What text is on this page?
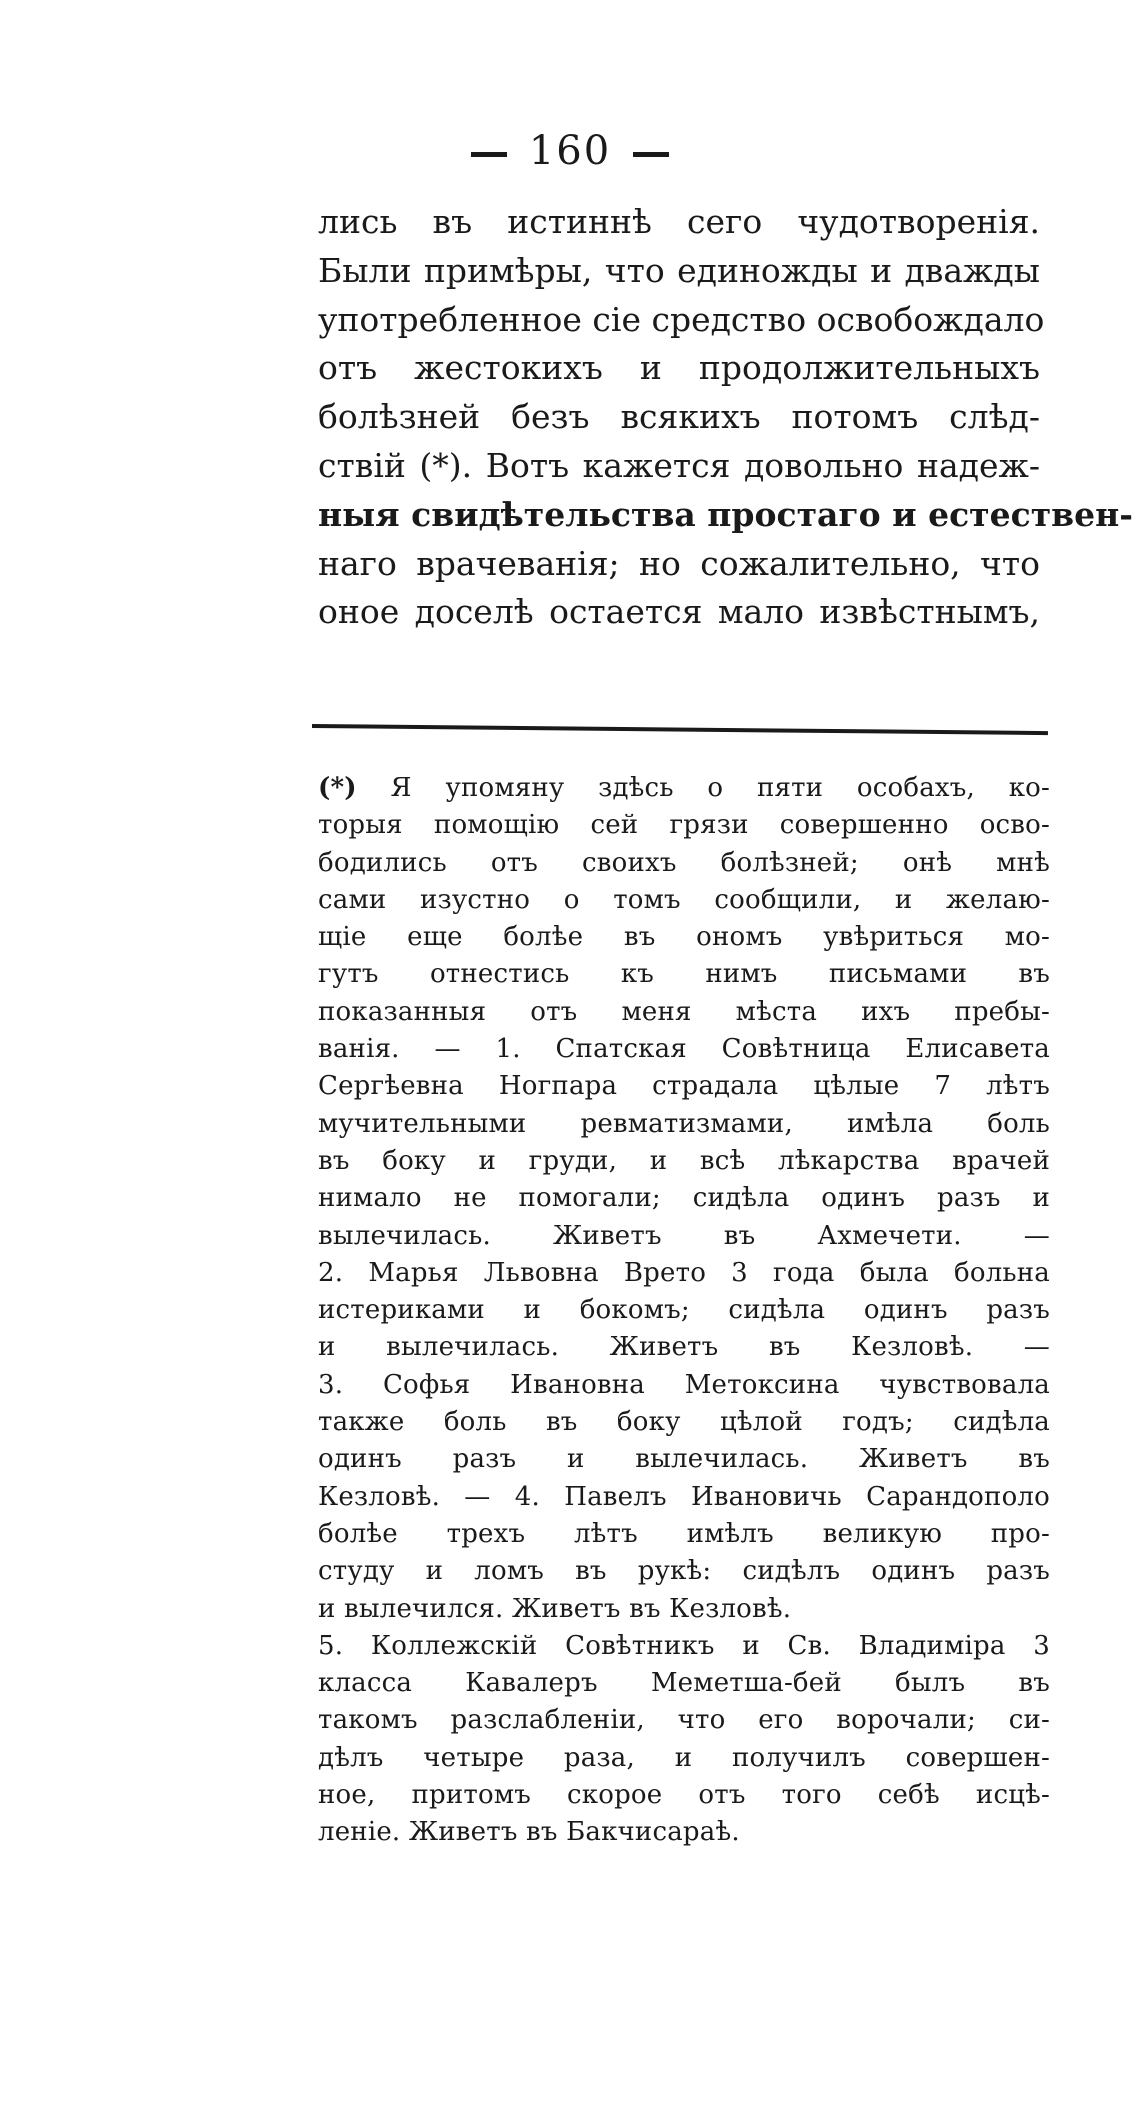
160
лись въ истиннѣ сего чудотворенія.
Были примѣры, что единожды и дважды
употребленное сіе средство освобождало
отъ жестокихъ и продолжительныхъ
болѣзней безъ всякихъ потомъ слѣд-
ствій (*). Вотъ кажется довольно надеж-
ныя свидѣтельства простаго и естествен-
наго врачеванія; но сожалительно, что
оное доселѣ остается мало извѣстнымъ,
(*) Я упомяну здѣсь о пяти особахъ, ко-
торыя помощію сей грязи совершенно осво-
бодились отъ своихъ болѣзней; онѣ мнѣ
сами изустно о томъ сообщили, и желаю-
щіе еще болѣе въ ономъ увѣриться мо-
гутъ отнестись къ нимъ письмами въ
показанныя отъ меня мѣста ихъ пребы-
ванія. — 1. Спатская Совѣтница Елисавета
Сергѣевна Ногпара страдала цѣлые 7 лѣтъ
мучительными ревматизмами, имѣла боль
въ боку и груди, и всѣ лѣкарства врачей
нимало не помогали; сидѣла одинъ разъ и
вылечилась. Живетъ въ Ахмечети. —
2. Марья Львовна Врето 3 года была больна
истериками и бокомъ; сидѣла одинъ разъ
и вылечилась. Живетъ въ Кезловѣ. —
3. Софья Ивановна Метоксина чувствовала
также боль въ боку цѣлой годъ; сидѣла
одинъ разъ и вылечилась. Живетъ въ
Кезловѣ. — 4. Павелъ Ивановичь Сарандополо
болѣе трехъ лѣтъ имѣлъ великую про-
студу и ломъ въ рукѣ: сидѣлъ одинъ разъ
и вылечился. Живетъ въ Кезловѣ.
5. Коллежскій Совѣтникъ и Св. Владиміра 3
класса Кавалеръ Меметша-бей былъ въ
такомъ разслабленіи, что его ворочали; си-
дѣлъ четыре раза, и получилъ совершен-
ное, притомъ скорое отъ того себѣ исцѣ-
леніе. Живетъ въ Бакчисараѣ.
